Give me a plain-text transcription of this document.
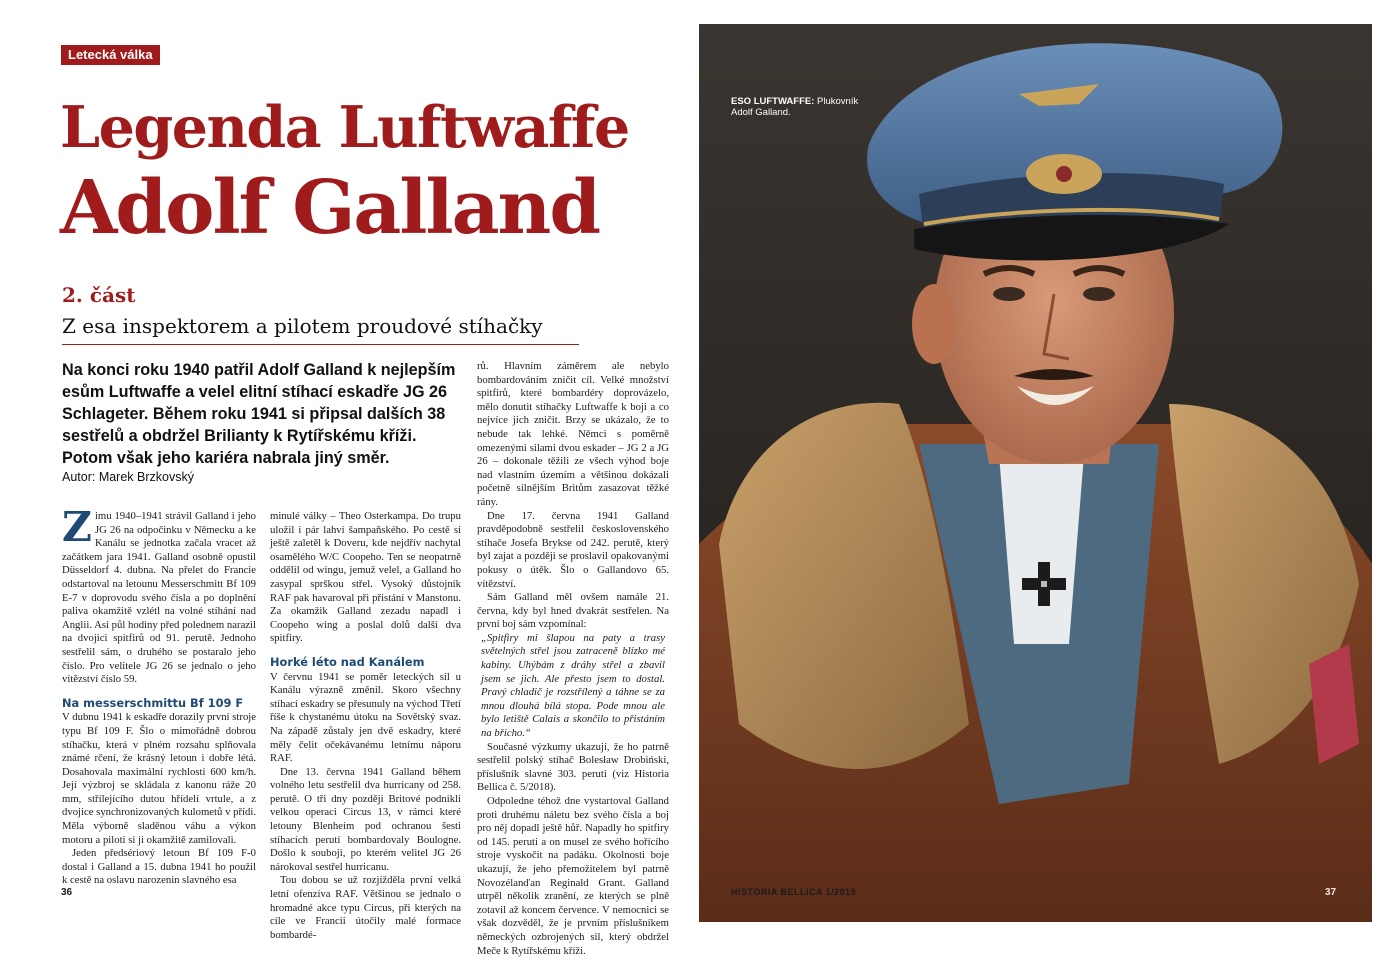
Letecká válka
Legenda Luftwaffe
Adolf Galland
2. část
Z esa inspektorem a pilotem proudové stíhačky
Na konci roku 1940 patřil Adolf Galland k nejlepším esům Luftwaffe a velel elitní stíhací eskadře JG 26 Schlageter. Během roku 1941 si připsal dalších 38 sestřelů a obdržel Brilianty k Rytířskému kříži. Potom však jeho kariéra nabrala jiný směr.
Autor: Marek Brzkovský

Zimu 1940–1941 strávil Galland i jeho JG 26 na odpočinku v Německu a ke Kanálu se jednotka začala vracet až začátkem jara 1941. Galland osobně opustil Düsseldorf 4. dubna. Na přelet do Francie odstartoval na letounu Messerschmitt Bf 109 E-7 v doprovodu svého čísla a po doplnění paliva okamžitě vzlétl na volné stíhání nad Anglii. Asi půl hodiny před polednem narazil na dvojici spitfirů od 91. perutě. Jednoho sestřelil sám, o druhého se postaralo jeho číslo. Pro velitele JG 26 se jednalo o jeho vítězství číslo 59.

Na messerschmittu Bf 109 F

V dubnu 1941 k eskadře dorazily první stroje typu Bf 109 F. Šlo o mimořádně dobrou stíhačku, která v plném rozsahu splňovala známé rčení, že krásný letoun i dobře létá. Dosahovala maximální rychlosti 600 km/h. Její výzbroj se skládala z kanonu ráže 20 mm, střílejícího dutou hřídelí vrtule, a z dvojice synchronizovaných kulometů v přídi. Měla výborně sladěnou váhu a výkon motoru a piloti si ji okamžitě zamilovali.

Jeden předsériový letoun Bf 109 F-0 dostal i Galland a 15. dubna 1941 ho použil k cestě na oslavu narozenin slavného esa

minulé války – Theo Osterkampa. Do trupu uložil i pár lahví šampaňského. Po cestě si ještě zaletěl k Doveru, kde nejdřív nachytal osamělého W/C Coopeho. Ten se neopatrně oddělil od wingu, jemuž velel, a Galland ho zasypal sprškou střel. Vysoký důstojník RAF pak havaroval při přistání v Manstonu. Za okamžik Galland zezadu napadl i Coopeho wing a poslal dolů další dva spitfiry.

Horké léto nad Kanálem

V červnu 1941 se poměr leteckých sil u Kanálu výrazně změnil. Skoro všechny stíhací eskadry se přesunuly na východ Třetí říše k chystanému útoku na Sovětský svaz. Na západě zůstaly jen dvě eskadry, které měly čelit očekávanému letnímu náporu RAF.

Dne 13. června 1941 Galland během volného letu sestřelil dva hurricany od 258. perutě. O tři dny později Britové podnikli velkou operaci Circus 13, v rámci které letouny Blenheim pod ochranou šesti stíhacích perutí bombardovaly Boulogne. Došlo k souboji, po kterém velitel JG 26 nárokoval sestřel hurricanu.

Tou dobou se už rozjížděla první velká letní ofenzíva RAF. Většinou se jednalo o hromadné akce typu Circus, při kterých na cíle ve Francii útočily malé formace bombardé-

rů. Hlavním záměrem ale nebylo bombardováním zničit cíl. Velké množství spitfirů, které bombardéry doprovázelo, mělo donutit stíhačky Luftwaffe k boji a co nejvíce jich zničit. Brzy se ukázalo, že to nebude tak lehké. Němci s poměrně omezenými silami dvou eskader – JG 2 a JG 26 – dokonale těžili ze všech výhod boje nad vlastním územím a většinou dokázali početně silnějším Britům zasazovat těžké rány.

Dne 17. června 1941 Galland pravděpodobně sestřelil československého stíhače Josefa Brykse od 242. perutě, který byl zajat a později se proslavil opakovanými pokusy o útěk. Šlo o Gallandovo 65. vítězství.

Sám Galland měl ovšem namále 21. června, kdy byl hned dvakrát sestřelen. Na první boj sám vzpomínal:

„Spitfiry mi šlapou na paty a trasy světelných střel jsou zatraceně blízko mé kabiny. Uhýbám z dráhy střel a zbavil jsem se jich. Ale přesto jsem to dostal. Pravý chladič je rozstřílený a táhne se za mnou dlouhá bílá stopa. Pode mnou ale bylo letiště Calais a skončilo to přistáním na břicho.“

Současné výzkumy ukazují, že ho patrně sestřelil polský stíhač Bolesław Drobiński, příslušník slavné 303. peruti (viz Historia Bellica č. 5/2018).

Odpoledne téhož dne vystartoval Galland proti druhému náletu bez svého čísla a boj pro něj dopadl ještě hůř. Napadly ho spitfiry od 145. peruti a on musel ze svého hořícího stroje vyskočit na padáku. Okolnosti boje ukazují, že jeho přemožitelem byl patrně Novozélanďan Reginald Grant. Galland utrpěl několik zranění, ze kterých se plně zotavil až koncem července. V nemocnici se však dozvěděl, že je prvním příslušníkem německých ozbrojených sil, který obdržel Meče k Rytířskému kříži.

36
ESO LUFTWAFFE: Plukovník Adolf Galland.
HISTORIA BELLICA 1/2019	37
